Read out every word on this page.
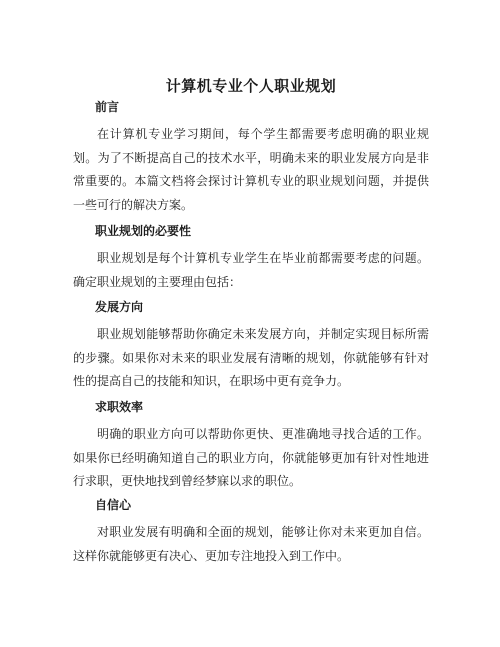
计算机专业个人职业规划
前言

在计算机专业学习期间，每个学生都需要考虑明确的职业规划。为了不断提高自己的技术水平，明确未来的职业发展方向是非常重要的。本篇文档将会探讨计算机专业的职业规划问题，并提供一些可行的解决方案。

职业规划的必要性

职业规划是每个计算机专业学生在毕业前都需要考虑的问题。确定职业规划的主要理由包括：

发展方向

职业规划能够帮助你确定未来发展方向，并制定实现目标所需的步骤。如果你对未来的职业发展有清晰的规划，你就能够有针对性的提高自己的技能和知识，在职场中更有竞争力。

求职效率

明确的职业方向可以帮助你更快、更准确地寻找合适的工作。如果你已经明确知道自己的职业方向，你就能够更加有针对性地进行求职，更快地找到曾经梦寐以求的职位。

自信心

对职业发展有明确和全面的规划，能够让你对未来更加自信。这样你就能够更有决心、更加专注地投入到工作中。
